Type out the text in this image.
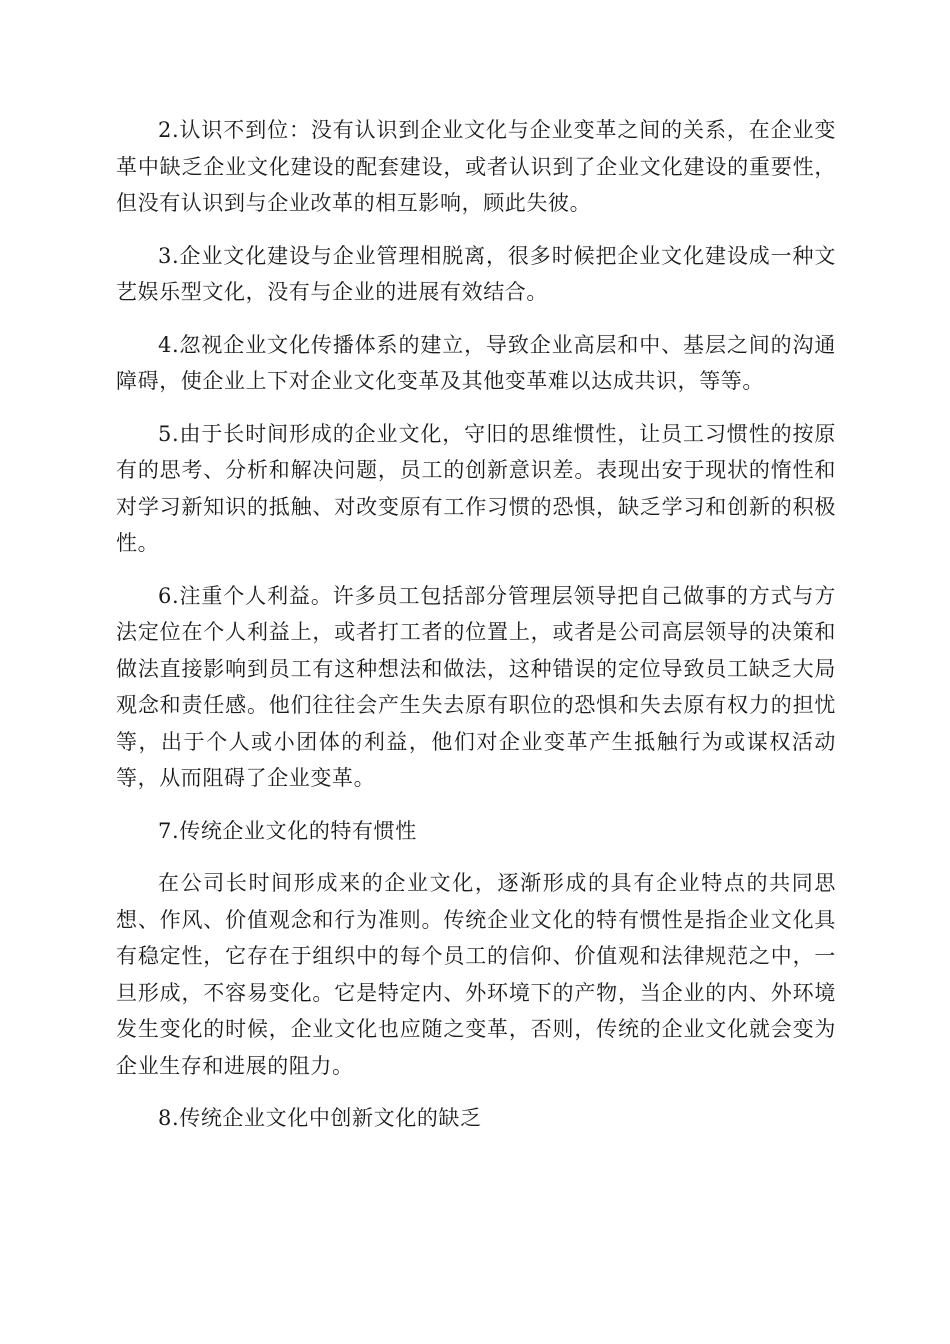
2.认识不到位：没有认识到企业文化与企业变革之间的关系，在企业变革中缺乏企业文化建设的配套建设，或者认识到了企业文化建设的重要性，但没有认识到与企业改革的相互影响，顾此失彼。

3.企业文化建设与企业管理相脱离，很多时候把企业文化建设成一种文艺娱乐型文化，没有与企业的进展有效结合。

4.忽视企业文化传播体系的建立，导致企业高层和中、基层之间的沟通障碍，使企业上下对企业文化变革及其他变革难以达成共识，等等。

5.由于长时间形成的企业文化，守旧的思维惯性，让员工习惯性的按原有的思考、分析和解决问题，员工的创新意识差。表现出安于现状的惰性和对学习新知识的抵触、对改变原有工作习惯的恐惧，缺乏学习和创新的积极性。

6.注重个人利益。许多员工包括部分管理层领导把自己做事的方式与方法定位在个人利益上，或者打工者的位置上，或者是公司高层领导的决策和做法直接影响到员工有这种想法和做法，这种错误的定位导致员工缺乏大局观念和责任感。他们往往会产生失去原有职位的恐惧和失去原有权力的担忧等，出于个人或小团体的利益，他们对企业变革产生抵触行为或谋权活动等，从而阻碍了企业变革。

7.传统企业文化的特有惯性

在公司长时间形成来的企业文化，逐渐形成的具有企业特点的共同思想、作风、价值观念和行为准则。传统企业文化的特有惯性是指企业文化具有稳定性，它存在于组织中的每个员工的信仰、价值观和法律规范之中，一旦形成，不容易变化。它是特定内、外环境下的产物，当企业的内、外环境发生变化的时候，企业文化也应随之变革，否则，传统的企业文化就会变为企业生存和进展的阻力。

8.传统企业文化中创新文化的缺乏
